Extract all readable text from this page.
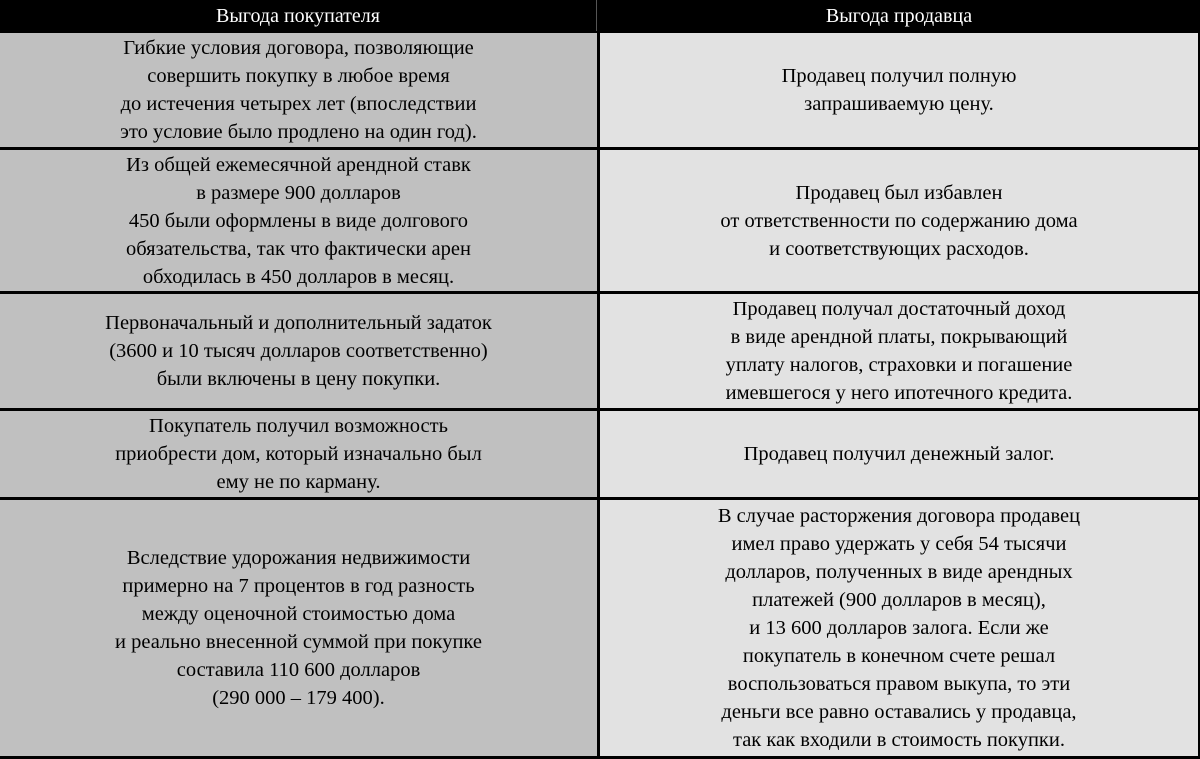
Выгода покупателя	Выгода продавца
Гибкие условия договора, позволяющие
совершить покупку в любое время
до истечения четырех лет (впоследствии
это условие было продлено на один год).
Продавец получил полную
запрашиваемую цену.
Из общей ежемесячной арендной ставк
в размере 900 долларов
450 были оформлены в виде долгового
обязательства, так что фактически арен
обходилась в 450 долларов в месяц.
Продавец был избавлен
от ответственности по содержанию дома
и соответствующих расходов.
Первоначальный и дополнительный задаток
(3600 и 10 тысяч долларов соответственно)
были включены в цену покупки.
Продавец получал достаточный доход
в виде арендной платы, покрывающий
уплату налогов, страховки и погашение
имевшегося у него ипотечного кредита.
Покупатель получил возможность
приобрести дом, который изначально был
ему не по карману.
Продавец получил денежный залог.
Вследствие удорожания недвижимости
примерно на 7 процентов в год разность
между оценочной стоимостью дома
и реально внесенной суммой при покупке
составила 110 600 долларов
(290 000 – 179 400).
В случае расторжения договора продавец
имел право удержать у себя 54 тысячи
долларов, полученных в виде арендных
платежей (900 долларов в месяц),
и 13 600 долларов залога. Если же
покупатель в конечном счете решал
воспользоваться правом выкупа, то эти
деньги все равно оставались у продавца,
так как входили в стоимость покупки.
